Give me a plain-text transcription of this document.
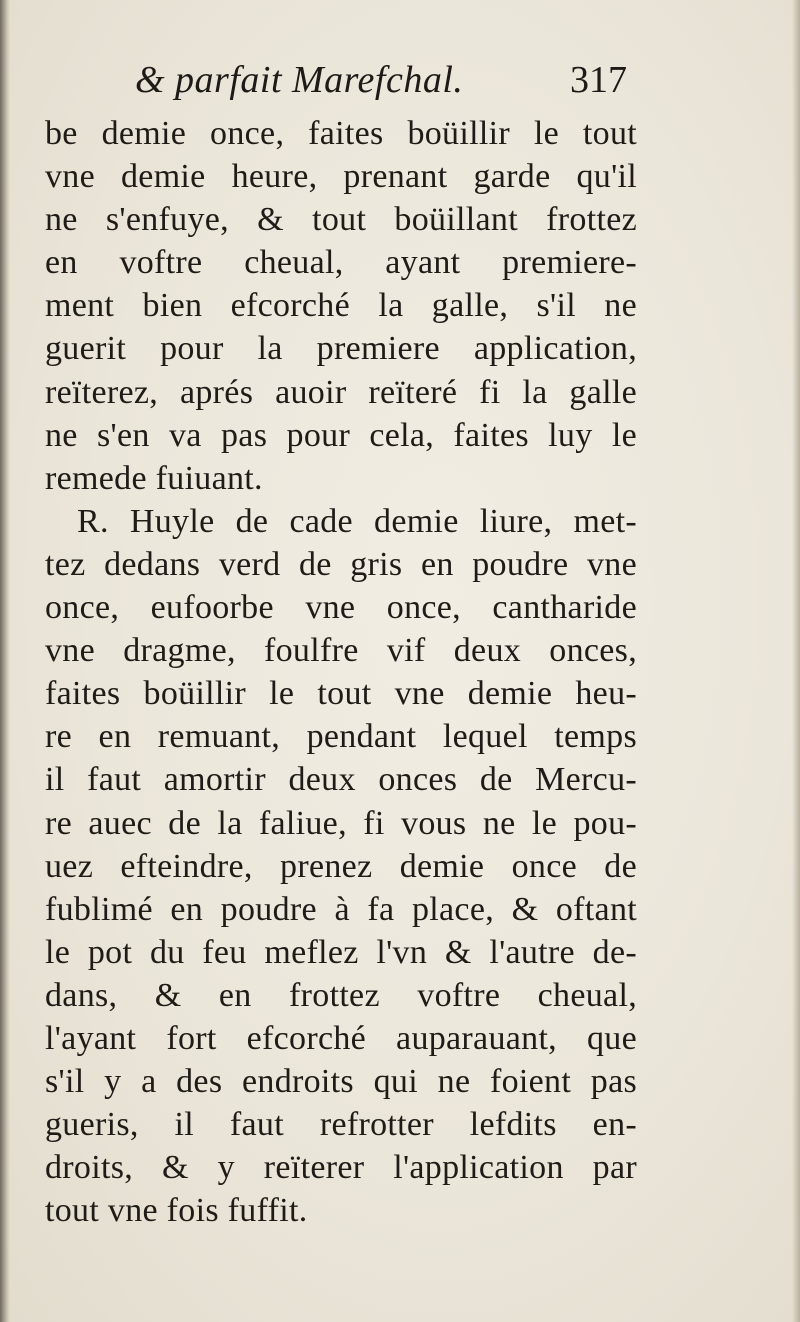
& parfait Marefchal.	317
be demie once, faites boüillir le tout
vne demie heure, prenant garde qu'il
ne s'enfuye, & tout boüillant frottez
en voftre cheual, ayant premiere-
ment bien efcorché la galle, s'il ne
guerit pour la premiere application,
reïterez, aprés auoir reïteré fi la galle
ne s'en va pas pour cela, faites luy le
remede fuiuant.
R. Huyle de cade demie liure, met-
tez dedans verd de gris en poudre vne
once, eufoorbe vne once, cantharide
vne dragme, foulfre vif deux onces,
faites boüillir le tout vne demie heu-
re en remuant, pendant lequel temps
il faut amortir deux onces de Mercu-
re auec de la faliue, fi vous ne le pou-
uez efteindre, prenez demie once de
fublimé en poudre à fa place, & oftant
le pot du feu meflez l'vn & l'autre de-
dans, & en frottez voftre cheual,
l'ayant fort efcorché auparauant, que
s'il y a des endroits qui ne foient pas
gueris, il faut refrotter lefdits en-
droits, & y reïterer l'application par
tout vne fois fuffit.
